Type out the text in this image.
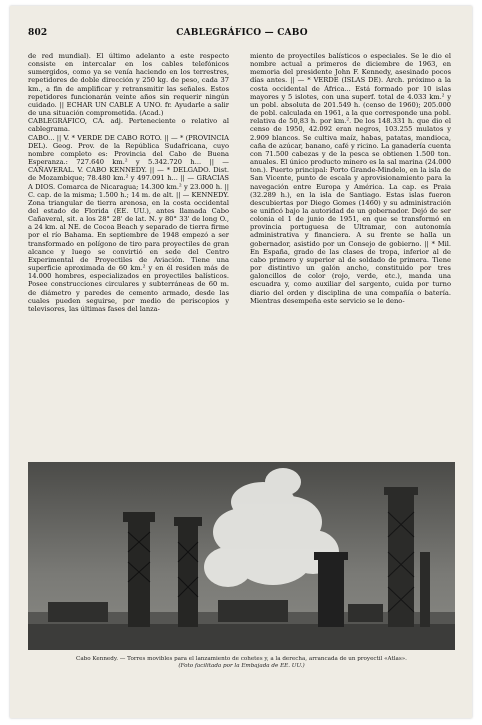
802	CABLEGRÁFICO — CABO

de red mundial). El último adelanto a este respecto consiste en intercalar en los cables telefónicos sumergidos, como ya se venía haciendo en los terrestres, repetidores de doble dirección y 250 kg. de peso, cada 37 km., a fin de amplificar y retransmitir las señales. Estos repetidores funcionarán veinte años sin requerir ningún cuidado. || ECHAR UN CABLE A UNO. fr. Ayudarle a salir de una situación comprometida. (Acad.)

CABLEGRÁFICO, CA. adj. Perteneciente o relativo al cablegrama.

CABO... || V. * VERDE DE CABO ROTO. || — * (PROVINCIA DEL). Geog. Prov. de la República Sudafricana, cuyo nombre completo es: Provincia del Cabo de Buena Esperanza.: 727.640 km.² y 5.342.720 h... || — CAÑAVERAL. V. CABO KENNEDY. || — * DELGADO. Dist. de Mozambique; 78.480 km.² y 497.091 h... || — GRACIAS A DIOS. Comarca de Nicaragua; 14.300 km.² y 23.000 h. || C. cap. de la misma; 1.500 h.; 14 m. de alt. || — KENNEDY. Zona triangular de tierra arenosa, en la costa occidental del estado de Florida (EE. UU.), antes llamada Cabo Cañaveral, sit. a los 28° 28' de lat. N. y 80° 33' de long O., a 24 km. al NE. de Cocoa Beach y separado de tierra firme por el río Bahama. En septiembre de 1948 empezó a ser transformado en polígono de tiro para proyectiles de gran alcance y luego se convirtió en sede del Centro Experimental de Proyectiles de Aviación. Tiene una superficie aproximada de 60 km.² y en él residen más de 14.000 hombres, especializados en proyectiles balísticos. Posee construcciones circulares y subterráneas de 60 m. de diámetro y paredes de cemento armado, desde las cuales pueden seguirse, por medio de periscopios y televisores, las últimas fases del lanza-

miento de proyectiles balísticos o especiales. Se le dio el nombre actual a primeros de diciembre de 1963, en memoria del presidente John F. Kennedy, asesinado pocos días antes. || — * VERDE (ISLAS DE). Arch. próximo a la costa occidental de África... Está formado por 10 islas mayores y 5 islotes, con una superf. total de 4.033 km.² y un pobl. absoluta de 201.549 h. (censo de 1960); 205.000 de pobl. calculada en 1961, a la que corresponde una pobl. relativa de 50,83 h. por km.². De los 148.331 h. que dio el censo de 1950, 42.092 eran negros, 103.255 mulatos y 2.909 blancos. Se cultiva maíz, habas, patatas, mandioca, caña de azúcar, banano, café y ricino. La ganadería cuenta con 71.500 cabezas y de la pesca se obtienen 1.500 ton. anuales. El único producto minero es la sal marina (24.000 ton.). Puerto principal: Porto Grande-Mindelo, en la isla de San Vicente, punto de escala y aprovisionamiento para la navegación entre Europa y América. La cap. es Praia (32.289 h.), en la isla de Santiago. Estas islas fueron descubiertas por Diego Gomes (1460) y su administración se unificó bajo la autoridad de un gobernador. Dejó de ser colonia el 1 de junio de 1951, en que se transformó en provincia portuguesa de Ultramar, con autonomía administrativa y financiera. A su frente se halla un gobernador, asistido por un Consejo de gobierno. || * Mil. En España, grado de las clases de tropa, inferior al de cabo primero y superior al de soldado de primera. Tiene por distintivo un galón ancho, constituido por tres galoncillos de color (rojo, verde, etc.), manda una escuadra y, como auxiliar del sargento, cuida por turno diario del orden y disciplina de una compañía o batería. Mientras desempeña este servicio se le deno-

Cabo Kennedy. — Torres movibles para el lanzamiento de cohetes y, a la derecha, arrancada de un proyectil «Atlas».
(Foto facilitada por la Embajada de EE. UU.)
